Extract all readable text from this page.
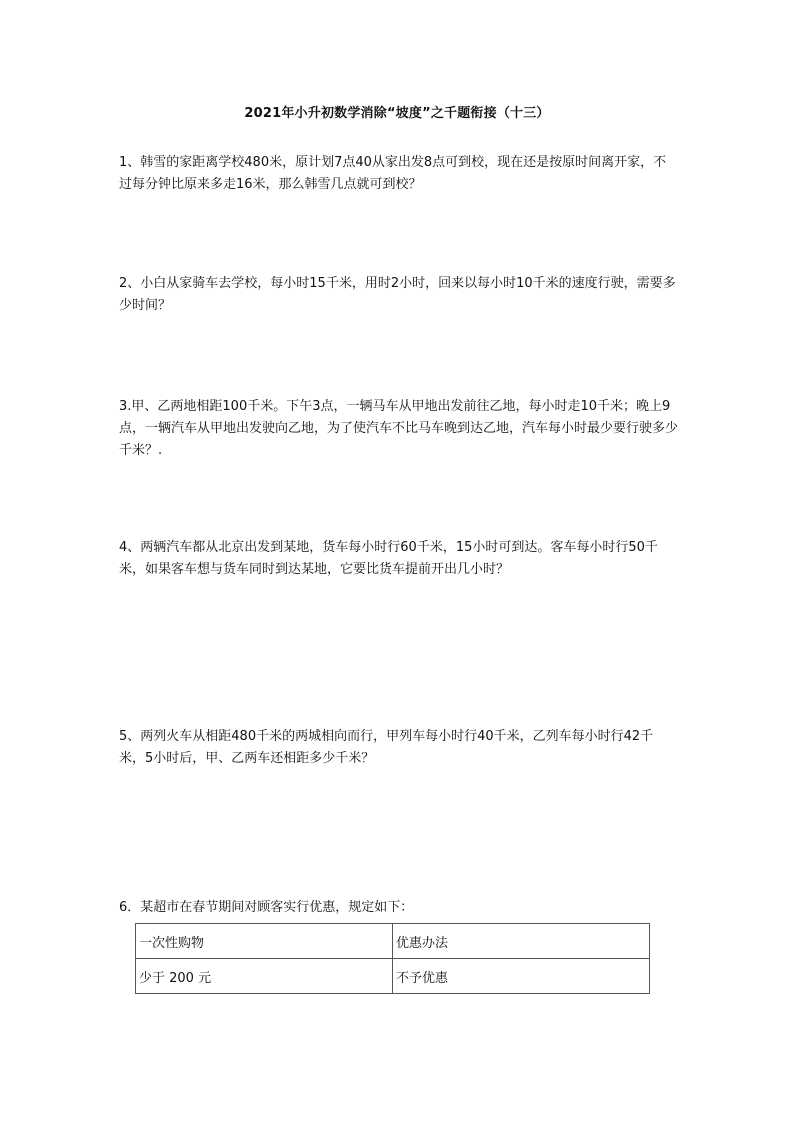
2021年小升初数学消除“坡度”之千题衔接（十三）
1、韩雪的家距离学校480米，原计划7点40从家出发8点可到校，现在还是按原时间离开家，不过每分钟比原来多走16米，那么韩雪几点就可到校？
2、小白从家骑车去学校，每小时15千米，用时2小时，回来以每小时10千米的速度行驶，需要多少时间？
3.甲、乙两地相距100千米。下午3点，一辆马车从甲地出发前往乙地，每小时走10千米；晚上9点，一辆汽车从甲地出发驶向乙地，为了使汽车不比马车晚到达乙地，汽车每小时最少要行驶多少千米？.
4、两辆汽车都从北京出发到某地，货车每小时行60千米，15小时可到达。客车每小时行50千米，如果客车想与货车同时到达某地，它要比货车提前开出几小时？
5、两列火车从相距480千米的两城相向而行，甲列车每小时行40千米，乙列车每小时行42千米，5小时后，甲、乙两车还相距多少千米？
6．某超市在春节期间对顾客实行优惠，规定如下：
一次性购物	优惠办法
少于 200 元	不予优惠
